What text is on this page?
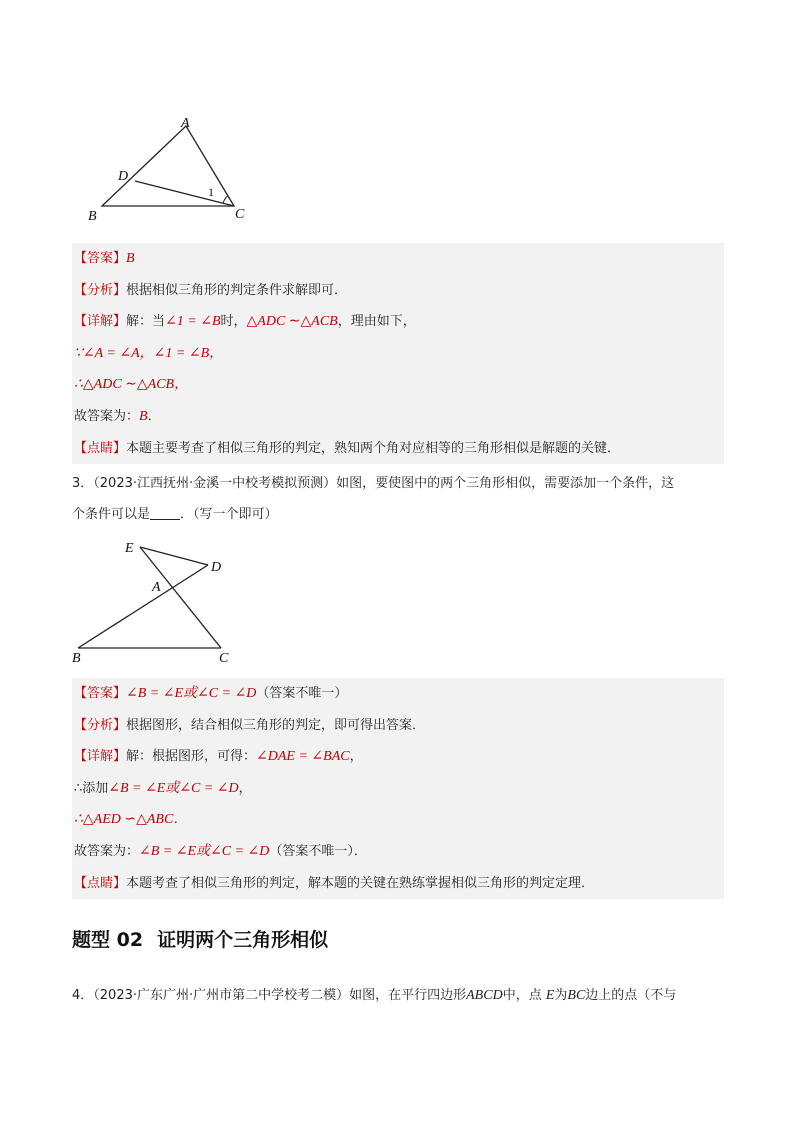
A
D
B	C
1
【答案】B
【分析】根据相似三角形的判定条件求解即可．
【详解】解：当∠1 = ∠B时，△ADC ∼△ACB，理由如下，
∵∠A = ∠A，∠1 = ∠B，
∴△ADC ∼△ACB，
故答案为：B．
【点睛】本题主要考查了相似三角形的判定，熟知两个角对应相等的三角形相似是解题的关键．
3．（2023·江西抚州·金溪一中校考模拟预测）如图，要使图中的两个三角形相似，需要添加一个条件，这
个条件可以是 ．（写一个即可）
E
D
A
B	C
【答案】∠B = ∠E或∠C = ∠D（答案不唯一）
【分析】根据图形，结合相似三角形的判定，即可得出答案．
【详解】解：根据图形，可得：∠DAE = ∠BAC，
∴添加∠B = ∠E或∠C = ∠D，
∴△AED ∽△ABC．
故答案为：∠B = ∠E或∠C = ∠D（答案不唯一）．
【点睛】本题考查了相似三角形的判定，解本题的关键在熟练掌握相似三角形的判定定理．
题型 02 证明两个三角形相似
4．（2023·广东广州·广州市第二中学校考二模）如图，在平行四边形ABCD中，点 E为BC边上的点（不与
